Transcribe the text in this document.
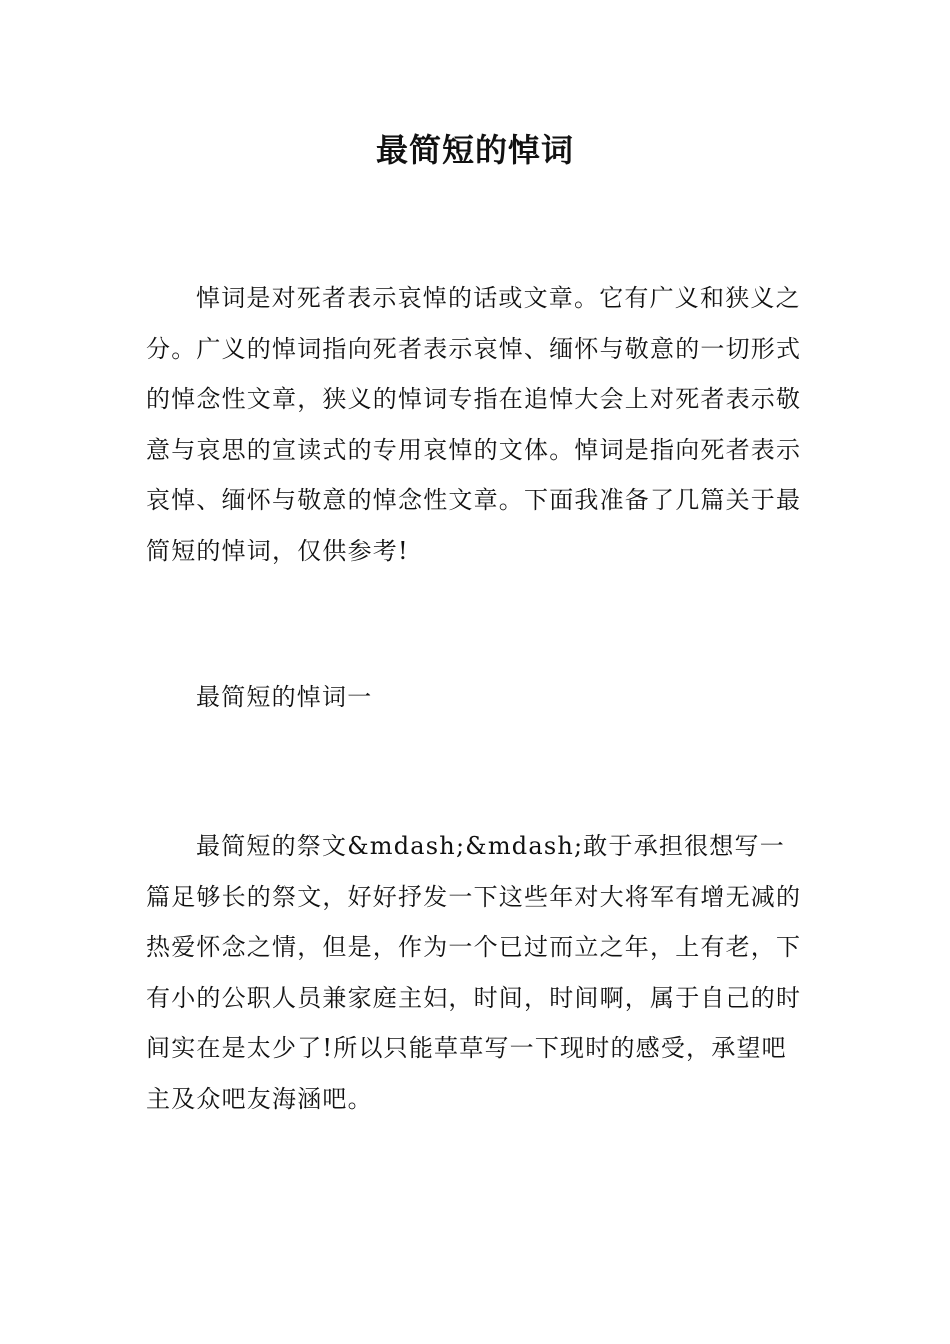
最简短的悼词

悼词是对死者表示哀悼的话或文章。它有广义和狭义之分。广义的悼词指向死者表示哀悼、缅怀与敬意的一切形式的悼念性文章，狭义的悼词专指在追悼大会上对死者表示敬意与哀思的宣读式的专用哀悼的文体。悼词是指向死者表示哀悼、缅怀与敬意的悼念性文章。下面我准备了几篇关于最简短的悼词，仅供参考!

最简短的悼词一

最简短的祭文&mdash;&mdash;敢于承担很想写一篇足够长的祭文，好好抒发一下这些年对大将军有增无减的热爱怀念之情，但是，作为一个已过而立之年，上有老，下有小的公职人员兼家庭主妇，时间，时间啊，属于自己的时间实在是太少了!所以只能草草写一下现时的感受，承望吧主及众吧友海涵吧。
